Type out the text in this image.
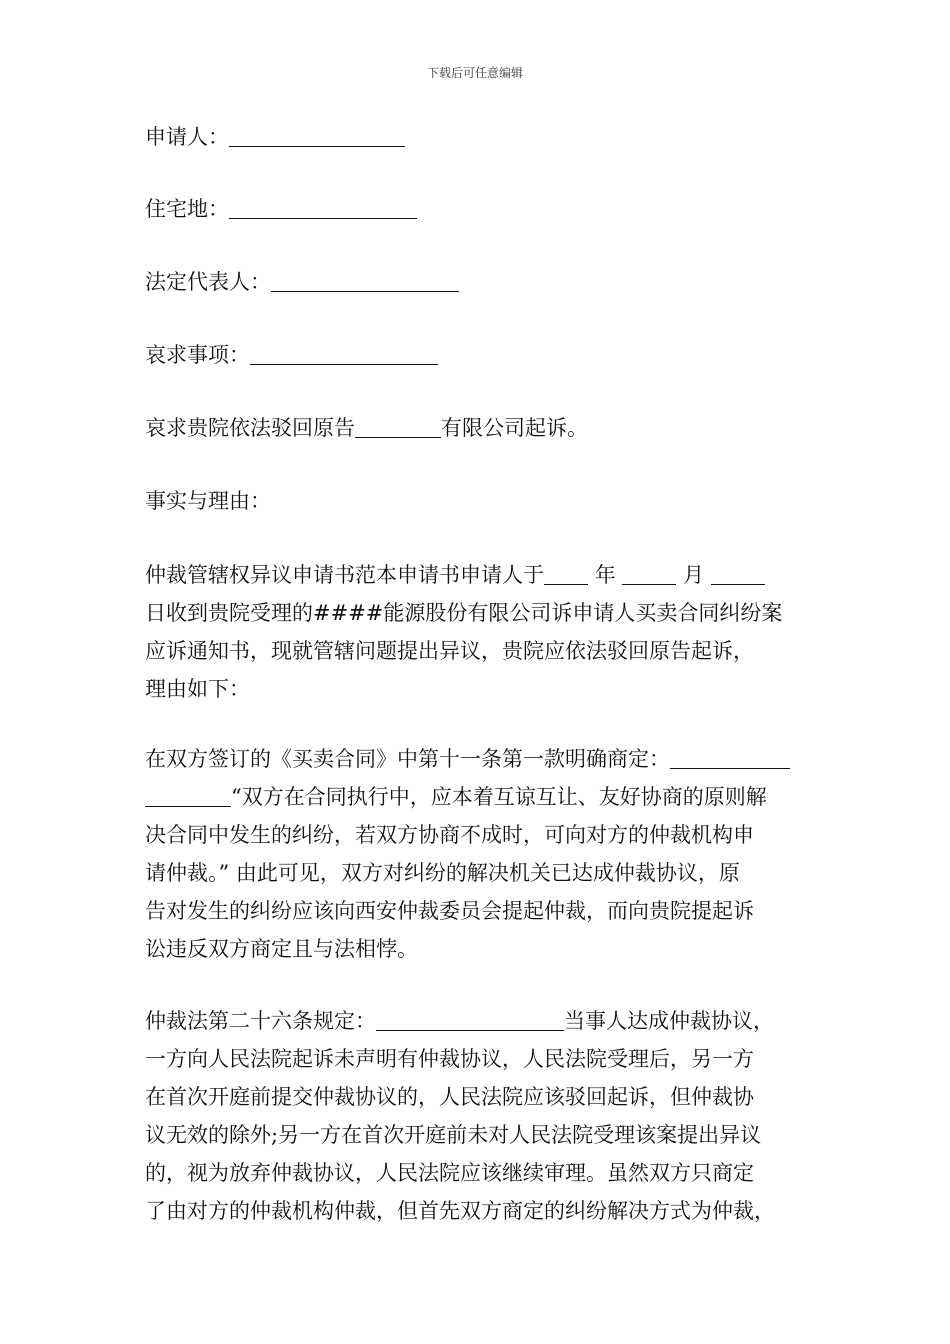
下载后可任意编辑
申请人：
住宅地：
法定代表人：
哀求事项：
哀求贵院依法驳回原告	有限公司起诉。
事实与理由：
仲裁管辖权异议申请书范本申请书申请人于 年	月
日收到贵院受理的####能源股份有限公司诉申请人买卖合同纠纷案
应诉通知书，现就管辖问题提出异议，贵院应依法驳回原告起诉，
理由如下：
在双方签订的《买卖合同》中第十一条第一款明确商定：
“双方在合同执行中，应本着互谅互让、友好协商的原则解
决合同中发生的纠纷，若双方协商不成时，可向对方的仲裁机构申
请仲裁。” 由此可见，双方对纠纷的解决机关已达成仲裁协议，原
告对发生的纠纷应该向西安仲裁委员会提起仲裁，而向贵院提起诉
讼违反双方商定且与法相悖。
仲裁法第二十六条规定：	当事人达成仲裁协议，
一方向人民法院起诉未声明有仲裁协议，人民法院受理后，另一方
在首次开庭前提交仲裁协议的，人民法院应该驳回起诉，但仲裁协
议无效的除外;另一方在首次开庭前未对人民法院受理该案提出异议
的，视为放弃仲裁协议，人民法院应该继续审理。虽然双方只商定
了由对方的仲裁机构仲裁，但首先双方商定的纠纷解决方式为仲裁，
